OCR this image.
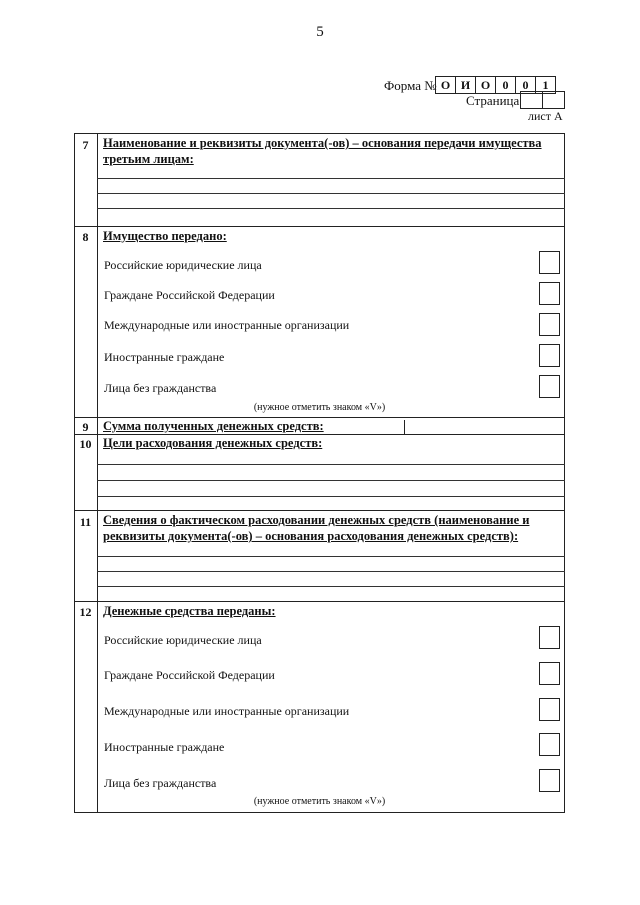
5
Форма № О И О	0	0	1
Страница
лист А
7	Наименование и реквизиты документа(-ов) – основания передачи имущества третьим лицам:
8	Имущество передано:
Российские юридические лица
Граждане Российской Федерации
Международные или иностранные организации
Иностранные граждане
Лица без гражданства
(нужное отметить знаком «V»)
9	Сумма полученных денежных средств:
10 Цели расходования денежных средств:
11 Сведения о фактическом расходовании денежных средств (наименование и реквизиты документа(-ов) – основания расходования денежных средств):
12 Денежные средства переданы:
Российские юридические лица
Граждане Российской Федерации
Международные или иностранные организации
Иностранные граждане
Лица без гражданства
(нужное отметить знаком «V»)
